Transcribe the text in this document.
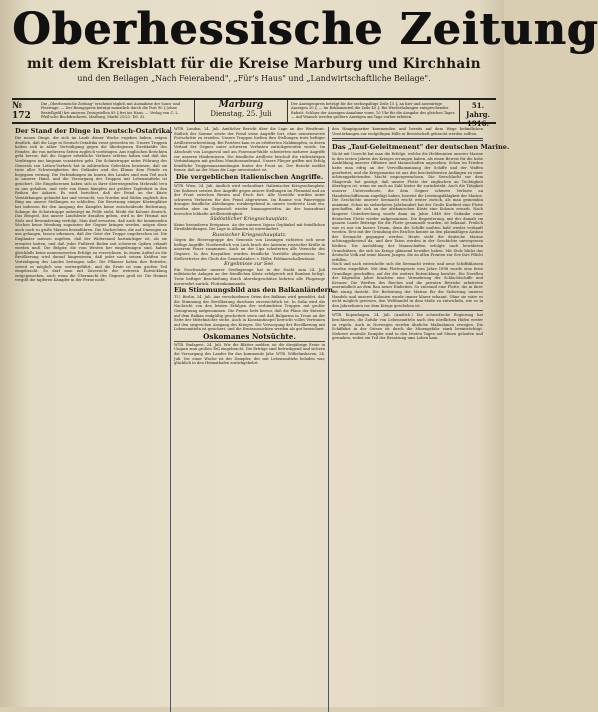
Oberhessische Zeitung
mit dem Kreisblatt für die Kreise Marburg und Kirchhain
und den Beilagen „Nach Feierabend", „Für's Haus" und „Landwirtschaftliche Beilage".
№ 172
Die „Oberhessische Zeitung" erscheint täglich mit Ausnahme der Sonn- und Feiertage. — Der Bezugspreis beträgt monatlich durch die Post 90 ₰ (ohne Bestellgeld) bei unseren Zweigstellen 85 ₰ frei ins Haus. — Verlag von C. L. Pfeil'sche Buchdruckerei, Marburg, Markt 21/23. Tel. 32.
Marburg
Dienstag, 25. Juli
Der Anzeigenpreis beträgt für die sechsspaltige Zeile 15 ₰, an hier und auswärtige Anzeigen 20 ₰. — Im Reklamenteil die Zeile 40 ₰. Bei Wiederholungen entsprechender Rabatt. Schluss der Anzeigen-Annahme vorm. 10 Uhr für die Ausgabe des gleichen Tages. — Auf Wunsch werden größere Anzeigen am Tage vorher erbeten.
51. Jahrg.
1916.
Der Stand der Dinge in Deutsch-Ostafrika.
Die neuen Dinge, die sich im Laufe dieser Woche ergeben haben, zeigen deutlich, daß die Lage in Deutsch-Ostafrika ernst geworden ist. Unsere Truppen halten sich in zäher Verteidigung gegen die überlegenen Streitkräfte des Feindes, die von mehreren Seiten zugleich vordringen. Aus englischen Berichten geht hervor, daß die Gegner erhebliche Verluste erlitten haben und daß das Vordringen nur langsam vonstatten geht. Die Schutztruppe unter Führung des Generals von Lettow-Vorbeck hat in zahlreichen Gefechten bewiesen, daß sie trotz aller Schwierigkeiten des Geländes und des Klimas dem Feinde zu begegnen vermag. Die Verbindungen im Innern des Landes sind zum Teil noch in unserer Hand, und die Versorgung der Truppen mit Lebensmitteln ist gesichert. Die Eingeborenen haben sich in ihrer überwiegenden Mehrzahl treu zu uns gehalten, und viele von ihnen kämpfen mit größter Tapferkeit in den Reihen der Askaris. Es wird berichtet, daß der Feind an der Küste Verstärkungen gelandet hat und versucht, von Norden und Süden zugleich den Ring um unsere Stellungen zu schließen. Die Besetzung einiger Küstenplätze hat indessen für den Ausgang des Kampfes keine entscheidende Bedeutung. Solange die Schutztruppe unbesiegt im Felde steht, bleibt die Kolonie deutsch. Das Beispiel, das unsere Landsleute draußen geben, wird in der Heimat mit Stolz und Bewunderung verfolgt. Man darf erwarten, daß auch die kommenden Wochen keine Wendung zugunsten der Gegner bringen werden, mögen diese auch noch so große Massen heranführen. Die Nachrichten, die auf Umwegen zu uns gelangen, lassen erkennen, daß der Geist der Truppe ungebrochen ist. Die Engländer müssen zugeben, daß der Widerstand hartnäckiger ist, als sie erwartet hatten, und daß jeder Fußbreit Boden mit schweren Opfern erkauft werden muß. Die Belgier, die vom Westen her eingedrungen sind, haben gleichfalls keine nennenswerten Erfolge zu verzeichnen. In einem Aufruf an die Bevölkerung wird darauf hingewiesen, daß jeder nach seinen Kräften zur Verteidigung des Landes beitragen solle. Die Pflanzer haben ihre Betriebe, soweit es möglich war, weitergeführt, und die Ernte ist zum großen Teil eingebracht. So darf man mit Zuversicht der weiteren Entwicklung entgegensehen, auch wenn die Übermacht des Gegners groß ist. Die Heimat vergißt die tapferen Kämpfer in der Ferne nicht.
WTB. London, 24. Juli. Amtlicher Bericht über die Lage an der Westfront: Südlich der Somme setzte der Feind seine Angriffe fort, ohne nennenswerte Fortschritte zu erzielen. Unsere Truppen hielten ihre Stellungen trotz heftiger Artillerievorbereitung. Bei Pozières kam es zu erbitterten Nahkämpfen, in deren Verlauf der Gegner unter schweren Verlusten zurückgeworfen wurde. Im Abschnitt von Longueval und am Foureaux-Walde scheiterten mehrere Angriffe vor unseren Hindernissen. Die feindliche Artillerie beschoß die rückwärtigen Verbindungen mit großem Munitionsaufwand. Unsere Flieger griffen mit Erfolg feindliche Truppenansammlungen hinter der Front an. Der Bericht meldet ferner, daß an der Maas die Lage unverändert ist.
Die vergeblichen italienischen Angriffe.
WTB. Wien, 24. Juli. Amtlich wird verlautbart: Italienischer Kriegsschauplatz. Die Italiener setzten ihre Angriffe gegen unsere Stellungen im Fleimstal und an der Front zwischen Brenta und Etsch fort. Alle Vorstöße wurden unter schweren Verlusten für den Feind abgewiesen. Im Raume von Paneveggio drangen feindliche Abteilungen vorübergehend in unsere vorderste Linie ein, wurden aber im Gegenstoß wieder hinausgeworfen. An der Isonzofront herrschte lebhafte Artillerietätigkeit.
Südöstlicher Kriegsschauplatz.
Keine besonderen Ereignisse. An der unteren Vojusa Geplänkel mit feindlichen Streifabteilungen. Die Lage in Albanien ist unverändert.
Russischer Kriegsschauplatz.
Gegen die Heeresgruppe des Generals von Linsingen richteten sich neue heftige Angriffe. Nordwestlich von Luck brach der Ansturm russischer Kräfte in unserem Feuer zusammen. Auch an der Lipa scheiterten alle Versuche des Gegners. In den Karpathen wurden feindliche Vorstöße abgewiesen. Der Stellvertreter des Chefs des Generalstabes: v. Höfer, Feldmarschalleutnant.
Ergebnisse zur See.
Ein Geschwader unserer Seeflugzeuge hat in der Nacht zum 24. Juli militärische Anlagen an der feindlichen Küste erfolgreich mit Bomben belegt. Trotz heftiger Beschießung durch Abwehrgeschütze kehrten alle Flugzeuge unversehrt zurück. Flottenkommando.
Ein Stimmungsbild aus den Balkanländern.
T.U. Berlin, 24. Juli. Aus verschiedenen Orten des Balkans wird gemeldet, daß die Stimmung der Bevölkerung durchaus zuversichtlich ist. In Sofia wird die Nachricht von den letzten Erfolgen der verbündeten Truppen mit großer Genugtuung aufgenommen. Die Presse hebt hervor, daß die Pläne der Entente auf dem Balkan endgültig gescheitert seien und daß Bulgarien in Treue an der Seite der Mittelmächte stehe. Auch in Konstantinopel herrscht volles Vertrauen auf den siegreichen Ausgang des Krieges. Die Versorgung der Bevölkerung mit Lebensmitteln ist gesichert, und die Ernteaussichten werden als gut bezeichnet.
Oskomanes Notsüchte.
WTB. Budapest, 24. Juli. Wie die Blätter melden, ist die diesjährige Ernte in Ungarn zum großen Teil eingebracht. Die Erträge sind befriedigend und sichern die Versorgung des Landes für das kommende Jahr. WTB. Wilhelmshaven, 24. Juli. Vor einer Woche ist der Dampfer, der mit Lebensmitteln beladen war, glücklich in den Heimathafen zurückgekehrt.
den Hauptquartier kommenden und bereits auf dem Wege befindlichen Verstärkungen zur endgültigen Hilfe in Bereitschaft gebracht werden sollten.
Das „Tauf-Geleitmenent" der deutschen Marine.
Nicht mit Unrecht hat man die Erfolge, welche die Heldentaten unserer Marine in den ersten Jahren des Krieges errungen haben, als einen Beweis für die hohe Ausbildung unserer Offiziere und Mannschaften angesehen. Schon im Frieden hatte man eifrig an der Vervollkommnung der Schiffe und der Waffen gearbeitet, und die Kriegsmarine ist aus den bescheidensten Anfängen zu einer achtunggebietenden Macht emporgewachsen. Die Seeschlacht vor dem Skagerrak hat gezeigt, daß unsere Flotte der englischen an Tüchtigkeit überlegen ist, wenn sie auch an Zahl hinter ihr zurücksteht. Auch die Tätigkeit unserer Unterseeboote, die dem Gegner schwere Verluste an Handelsschiffsraum zugefügt haben, beweist die Leistungsfähigkeit der Marine. Die Geschichte unserer Seemacht reicht weiter zurück, als man gemeinhin annimmt. Schon im siebzehnten Jahrhundert hat der Große Kurfürst eine Flotte geschaffen, die sich an der afrikanischen Küste eine Kolonie erwarb. Nach längerer Unterbrechung wurde dann im Jahre 1848 der Gedanke einer deutschen Flotte wieder aufgenommen. Die Begeisterung, mit der damals im ganzen Lande Beiträge für die Flotte gesammelt wurden, ist bekannt. Freilich war es nur ein kurzer Traum, denn die Schiffe mußten bald wieder verkauft werden. Erst mit der Gründung des Reiches konnte an den planmäßigen Ausbau der Seemacht gegangen werden. Heute steht die deutsche Marine achtunggebietend da, und ihre Taten werden in der Geschichte unvergessen bleiben. Die Ausbildung der Mannschaften erfolgte nach bewährten Grundsätzen, die sich im Kriege glänzend bewährt haben. Mit Stolz blickt das deutsche Volk auf seine blauen Jungen, die an allen Fronten zur See ihre Pflicht erfüllen.
Nach und nach entwickelte sich die Seemacht weiter, und neue Schiffsklassen wurden eingeführt. Mit dem Flottengesetz vom Jahre 1898 wurde eine feste Grundlage geschaffen, auf der die weitere Entwicklung beruhte. Die Novellen der folgenden Jahre brachten eine Vermehrung der Schlachtschiffe und Kreuzer. Die Werften des Reiches und die privaten Betriebe arbeiteten unermüdlich an dem Bau neuer Einheiten. So entstand eine Flotte, die in ihrer Art einzig dasteht. Die Bedeutung der Marine für die Sicherung unseres Handels und unserer Kolonien wurde immer klarer erkannt. Ohne sie wäre es nicht möglich gewesen, den Welthandel in dem Maße zu entwickeln, wie es in den Jahrzehnten vor dem Kriege geschehen ist.
WTB. Kopenhagen, 24. Juli. (Amtlich.) Die schwedische Regierung hat beschlossen, die Zufuhr von Lebensmitteln nach den nördlichen Häfen weiter zu regeln. Auch in Norwegen werden ähnliche Maßnahmen erwogen. Die Schiffahrt in der Ostsee ist durch die Minengefahr stark beeinträchtigt. Mehrere neutrale Dampfer sind in den letzten Tagen auf Minen gelaufen und gesunken, wobei ein Teil der Besatzung ums Leben kam.
